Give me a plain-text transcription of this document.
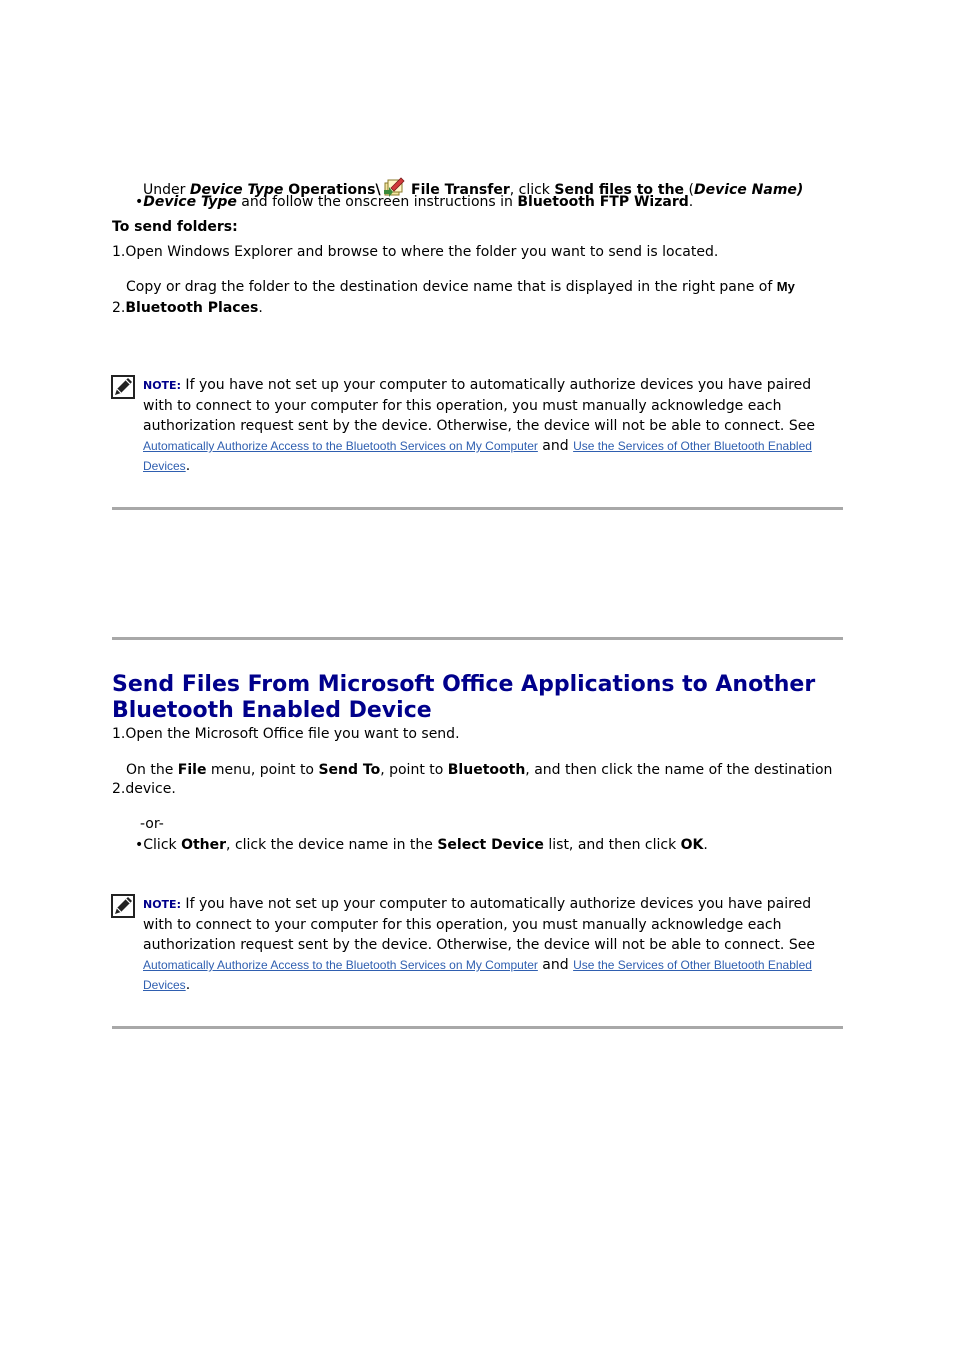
Under Device Type Operations\ File Transfer, click Send files to the (Device Name)
•Device Type and follow the onscreen instructions in Bluetooth FTP Wizard.
To send folders:
1.Open Windows Explorer and browse to where the folder you want to send is located.
Copy or drag the folder to the destination device name that is displayed in the right pane of My
2.Bluetooth Places.
NOTE: If you have not set up your computer to automatically authorize devices you have paired with to connect to your computer for this operation, you must manually acknowledge each authorization request sent by the device. Otherwise, the device will not be able to connect. See Automatically Authorize Access to the Bluetooth Services on My Computer and Use the Services of Other Bluetooth Enabled Devices.
Send Files From Microsoft Office Applications to Another Bluetooth Enabled Device
1.Open the Microsoft Office file you want to send.
On the File menu, point to Send To, point to Bluetooth, and then click the name of the destination
2.device.
-or-
•Click Other, click the device name in the Select Device list, and then click OK.
NOTE: If you have not set up your computer to automatically authorize devices you have paired with to connect to your computer for this operation, you must manually acknowledge each authorization request sent by the device. Otherwise, the device will not be able to connect. See Automatically Authorize Access to the Bluetooth Services on My Computer and Use the Services of Other Bluetooth Enabled Devices.
